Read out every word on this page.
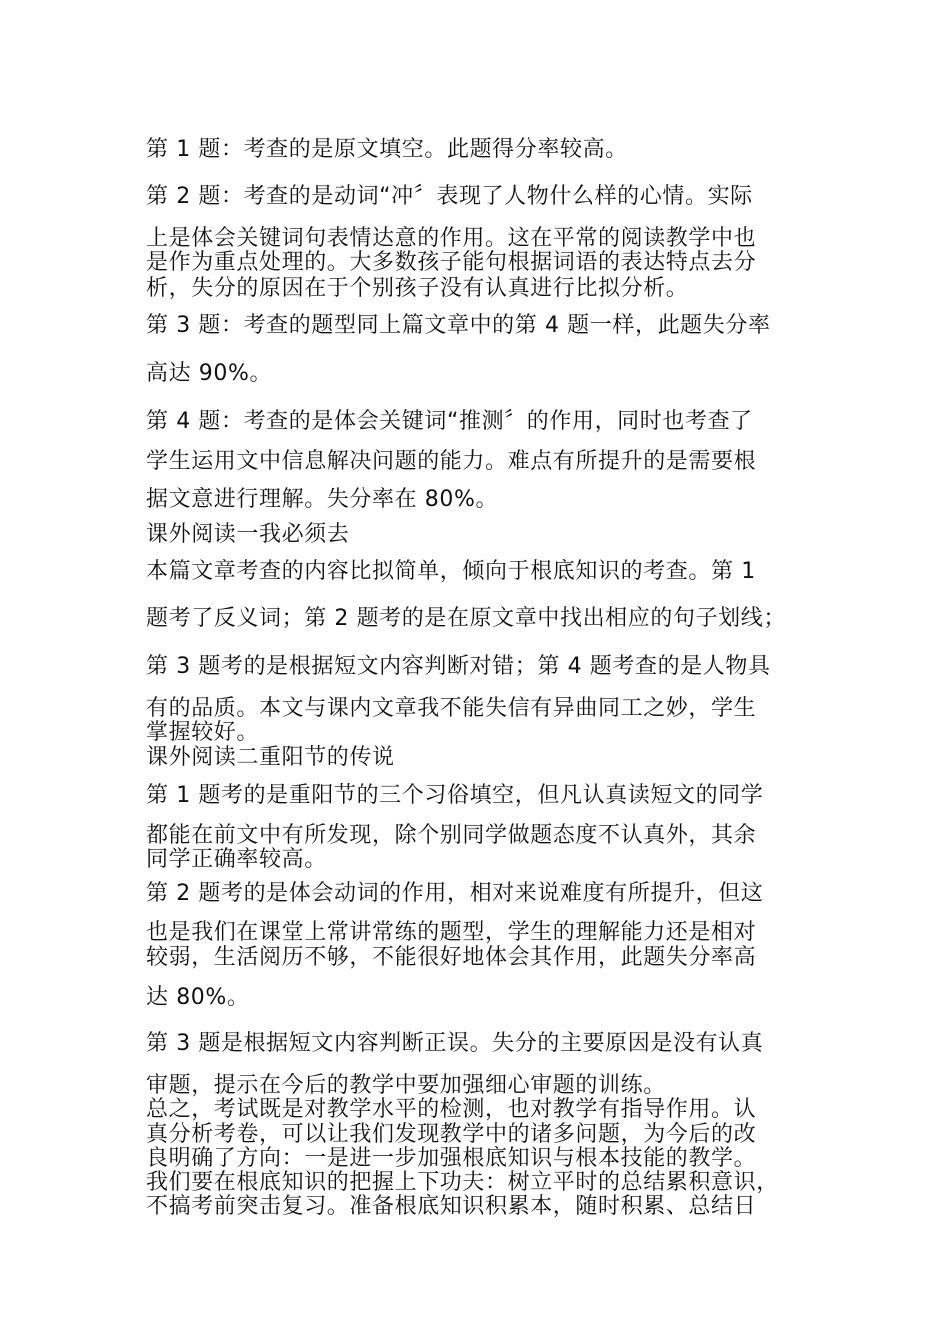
第 1 题：考查的是原文填空。此题得分率较高。
第 2 题：考查的是动词“冲〞表现了人物什么样的心情。实际
上是体会关键词句表情达意的作用。这在平常的阅读教学中也
是作为重点处理的。大多数孩子能句根据词语的表达特点去分
析，失分的原因在于个别孩子没有认真进行比拟分析。
第 3 题：考查的题型同上篇文章中的第 4 题一样，此题失分率
高达 90%。
第 4 题：考查的是体会关键词“推测〞的作用，同时也考查了
学生运用文中信息解决问题的能力。难点有所提升的是需要根
据文意进行理解。失分率在 80%。
课外阅读一我必须去
本篇文章考查的内容比拟简单，倾向于根底知识的考查。第 1
题考了反义词；第 2 题考的是在原文章中找出相应的句子划线；
第 3 题考的是根据短文内容判断对错；第 4 题考查的是人物具
有的品质。本文与课内文章我不能失信有异曲同工之妙，学生
掌握较好。
课外阅读二重阳节的传说
第 1 题考的是重阳节的三个习俗填空，但凡认真读短文的同学
都能在前文中有所发现，除个别同学做题态度不认真外，其余
同学正确率较高。
第 2 题考的是体会动词的作用，相对来说难度有所提升，但这
也是我们在课堂上常讲常练的题型，学生的理解能力还是相对
较弱，生活阅历不够，不能很好地体会其作用，此题失分率高
达 80%。
第 3 题是根据短文内容判断正误。失分的主要原因是没有认真
审题，提示在今后的教学中要加强细心审题的训练。
总之，考试既是对教学水平的检测，也对教学有指导作用。认
真分析考卷，可以让我们发现教学中的诸多问题，为今后的改
良明确了方向：一是进一步加强根底知识与根本技能的教学。
我们要在根底知识的把握上下功夫：树立平时的总结累积意识，
不搞考前突击复习。准备根底知识积累本，随时积累、总结日
